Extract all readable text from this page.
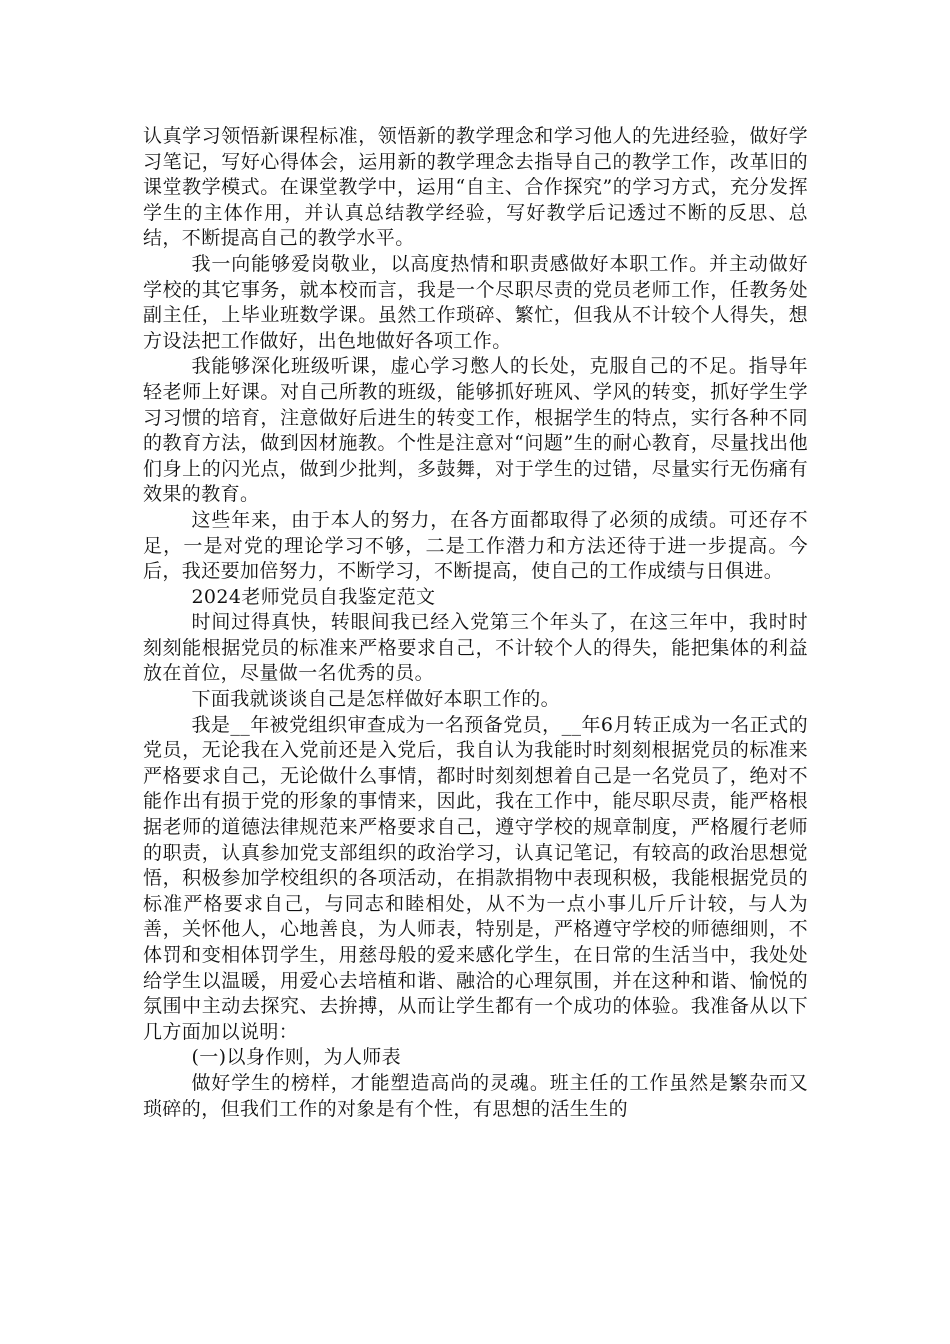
认真学习领悟新课程标准，领悟新的教学理念和学习他人的先进经验，做好学习笔记，写好心得体会，运用新的教学理念去指导自己的教学工作，改革旧的课堂教学模式。在课堂教学中，运用“自主、合作探究”的学习方式，充分发挥学生的主体作用，并认真总结教学经验，写好教学后记透过不断的反思、总结，不断提高自己的教学水平。

我一向能够爱岗敬业，以高度热情和职责感做好本职工作。并主动做好学校的其它事务，就本校而言，我是一个尽职尽责的党员老师工作，任教务处副主任，上毕业班数学课。虽然工作琐碎、繁忙，但我从不计较个人得失，想方设法把工作做好，出色地做好各项工作。

我能够深化班级听课，虚心学习憋人的长处，克服自己的不足。指导年轻老师上好课。对自己所教的班级，能够抓好班风、学风的转变，抓好学生学习习惯的培育，注意做好后进生的转变工作，根据学生的特点，实行各种不同的教育方法，做到因材施教。个性是注意对“问题”生的耐心教育，尽量找出他们身上的闪光点，做到少批判，多鼓舞，对于学生的过错，尽量实行无伤痛有效果的教育。

这些年来，由于本人的努力，在各方面都取得了必须的成绩。可还存不足，一是对党的理论学习不够，二是工作潜力和方法还待于进一步提高。今后，我还要加倍努力，不断学习，不断提高，使自己的工作成绩与日俱进。

2024老师党员自我鉴定范文

时间过得真快，转眼间我已经入党第三个年头了，在这三年中，我时时刻刻能根据党员的标准来严格要求自己，不计较个人的得失，能把集体的利益放在首位，尽量做一名优秀的员。

下面我就谈谈自己是怎样做好本职工作的。

我是__年被党组织审查成为一名预备党员，__年6月转正成为一名正式的党员，无论我在入党前还是入党后，我自认为我能时时刻刻根据党员的标准来严格要求自己，无论做什么事情，都时时刻刻想着自己是一名党员了，绝对不能作出有损于党的形象的事情来，因此，我在工作中，能尽职尽责，能严格根据老师的道德法律规范来严格要求自己，遵守学校的规章制度，严格履行老师的职责，认真参加党支部组织的政治学习，认真记笔记，有较高的政治思想觉悟，积极参加学校组织的各项活动，在捐款捐物中表现积极，我能根据党员的标准严格要求自己，与同志和睦相处，从不为一点小事儿斤斤计较，与人为善，关怀他人，心地善良，为人师表，特别是，严格遵守学校的师德细则，不体罚和变相体罚学生，用慈母般的爱来感化学生，在日常的生活当中，我处处给学生以温暖，用爱心去培植和谐、融洽的心理氛围，并在这种和谐、愉悦的氛围中主动去探究、去拚搏，从而让学生都有一个成功的体验。我准备从以下几方面加以说明：

(一)以身作则，为人师表

做好学生的榜样，才能塑造高尚的灵魂。班主任的工作虽然是繁杂而又琐碎的，但我们工作的对象是有个性，有思想的活生生的
